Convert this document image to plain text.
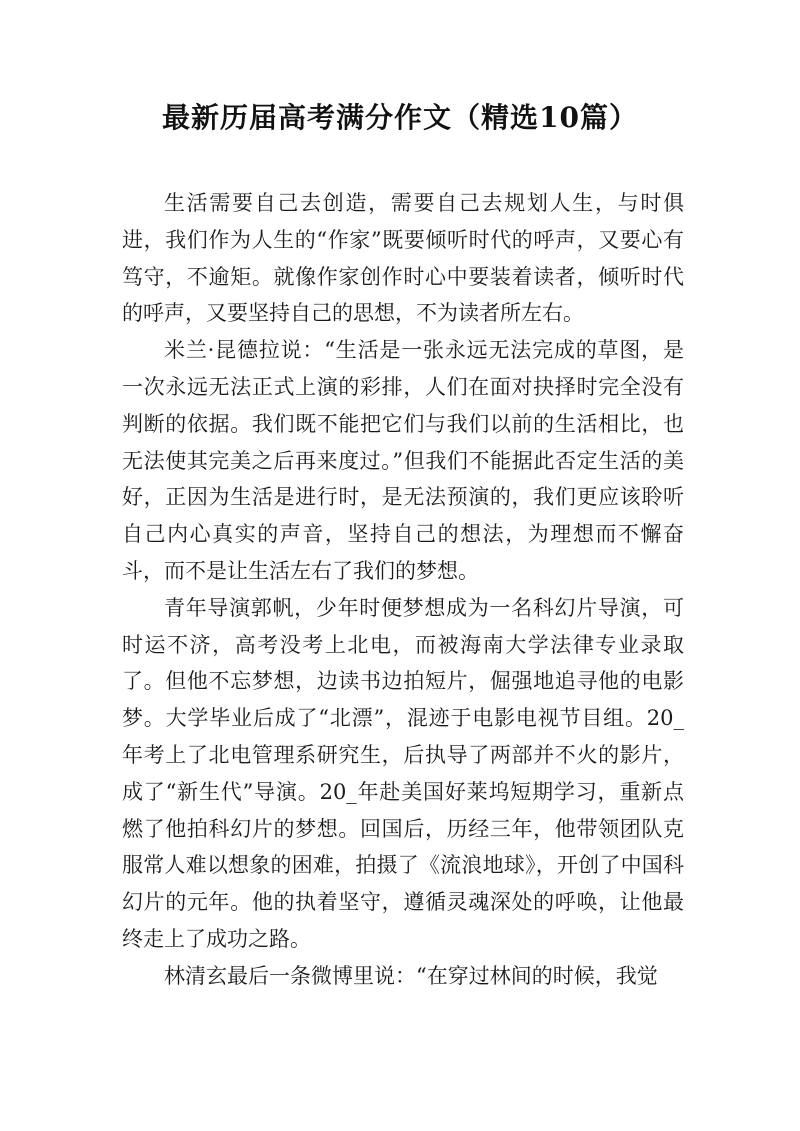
最新历届高考满分作文（精选10篇）

生活需要自己去创造，需要自己去规划人生，与时俱进，我们作为人生的“作家”既要倾听时代的呼声，又要心有笃守，不逾矩。就像作家创作时心中要装着读者，倾听时代的呼声，又要坚持自己的思想，不为读者所左右。

米兰·昆德拉说：“生活是一张永远无法完成的草图，是一次永远无法正式上演的彩排，人们在面对抉择时完全没有判断的依据。我们既不能把它们与我们以前的生活相比，也无法使其完美之后再来度过。”但我们不能据此否定生活的美好，正因为生活是进行时，是无法预演的，我们更应该聆听自己内心真实的声音，坚持自己的想法，为理想而不懈奋斗，而不是让生活左右了我们的梦想。

青年导演郭帆，少年时便梦想成为一名科幻片导演，可时运不济，高考没考上北电，而被海南大学法律专业录取了。但他不忘梦想，边读书边拍短片，倔强地追寻他的电影梦。大学毕业后成了“北漂”，混迹于电影电视节目组。20_年考上了北电管理系研究生，后执导了两部并不火的影片，成了“新生代”导演。20_年赴美国好莱坞短期学习，重新点燃了他拍科幻片的梦想。回国后，历经三年，他带领团队克服常人难以想象的困难，拍摄了《流浪地球》，开创了中国科幻片的元年。他的执着坚守，遵循灵魂深处的呼唤，让他最终走上了成功之路。

林清玄最后一条微博里说：“在穿过林间的时候，我觉
